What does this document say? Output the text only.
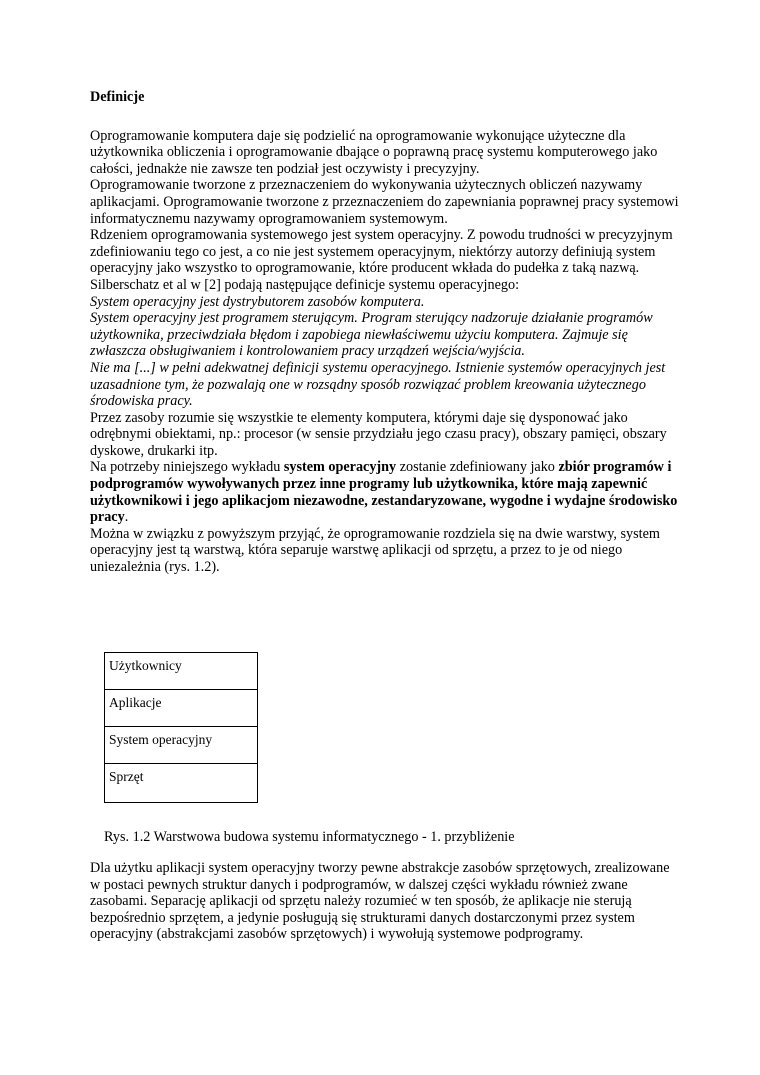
Definicje

Oprogramowanie komputera daje się podzielić na oprogramowanie wykonujące użyteczne dla użytkownika obliczenia i oprogramowanie dbające o poprawną pracę systemu komputerowego jako całości, jednakże nie zawsze ten podział jest oczywisty i precyzyjny.

Oprogramowanie tworzone z przeznaczeniem do wykonywania użytecznych obliczeń nazywamy aplikacjami. Oprogramowanie tworzone z przeznaczeniem do zapewniania poprawnej pracy systemowi informatycznemu nazywamy oprogramowaniem systemowym.

Rdzeniem oprogramowania systemowego jest system operacyjny. Z powodu trudności w precyzyjnym zdefiniowaniu tego co jest, a co nie jest systemem operacyjnym, niektórzy autorzy definiują system operacyjny jako wszystko to oprogramowanie, które producent wkłada do pudełka z taką nazwą.

Silberschatz et al w [2] podają następujące definicje systemu operacyjnego:

System operacyjny jest dystrybutorem zasobów komputera.

System operacyjny jest programem sterującym. Program sterujący nadzoruje działanie programów użytkownika, przeciwdziała błędom i zapobiega niewłaściwemu użyciu komputera. Zajmuje się zwłaszcza obsługiwaniem i kontrolowaniem pracy urządzeń wejścia/wyjścia.

Nie ma [...] w pełni adekwatnej definicji systemu operacyjnego. Istnienie systemów operacyjnych jest uzasadnione tym, że pozwalają one w rozsądny sposób rozwiązać problem kreowania użytecznego środowiska pracy.

Przez zasoby rozumie się wszystkie te elementy komputera, którymi daje się dysponować jako odrębnymi obiektami, np.: procesor (w sensie przydziału jego czasu pracy), obszary pamięci, obszary dyskowe, drukarki itp.

Na potrzeby niniejszego wykładu system operacyjny zostanie zdefiniowany jako zbiór programów i podprogramów wywoływanych przez inne programy lub użytkownika, które mają zapewnić użytkownikowi i jego aplikacjom niezawodne, zestandaryzowane, wygodne i wydajne środowisko pracy.

Można w związku z powyższym przyjąć, że oprogramowanie rozdziela się na dwie warstwy, system operacyjny jest tą warstwą, która separuje warstwę aplikacji od sprzętu, a przez to je od niego uniezależnia (rys. 1.2).

Użytkownicy
Aplikacje
System operacyjny
Sprzęt
Rys. 1.2 Warstwowa budowa systemu informatycznego - 1. przybliżenie

Dla użytku aplikacji system operacyjny tworzy pewne abstrakcje zasobów sprzętowych, zrealizowane w postaci pewnych struktur danych i podprogramów, w dalszej części wykładu również zwane zasobami. Separację aplikacji od sprzętu należy rozumieć w ten sposób, że aplikacje nie sterują bezpośrednio sprzętem, a jedynie posługują się strukturami danych dostarczonymi przez system operacyjny (abstrakcjami zasobów sprzętowych) i wywołują systemowe podprogramy.
